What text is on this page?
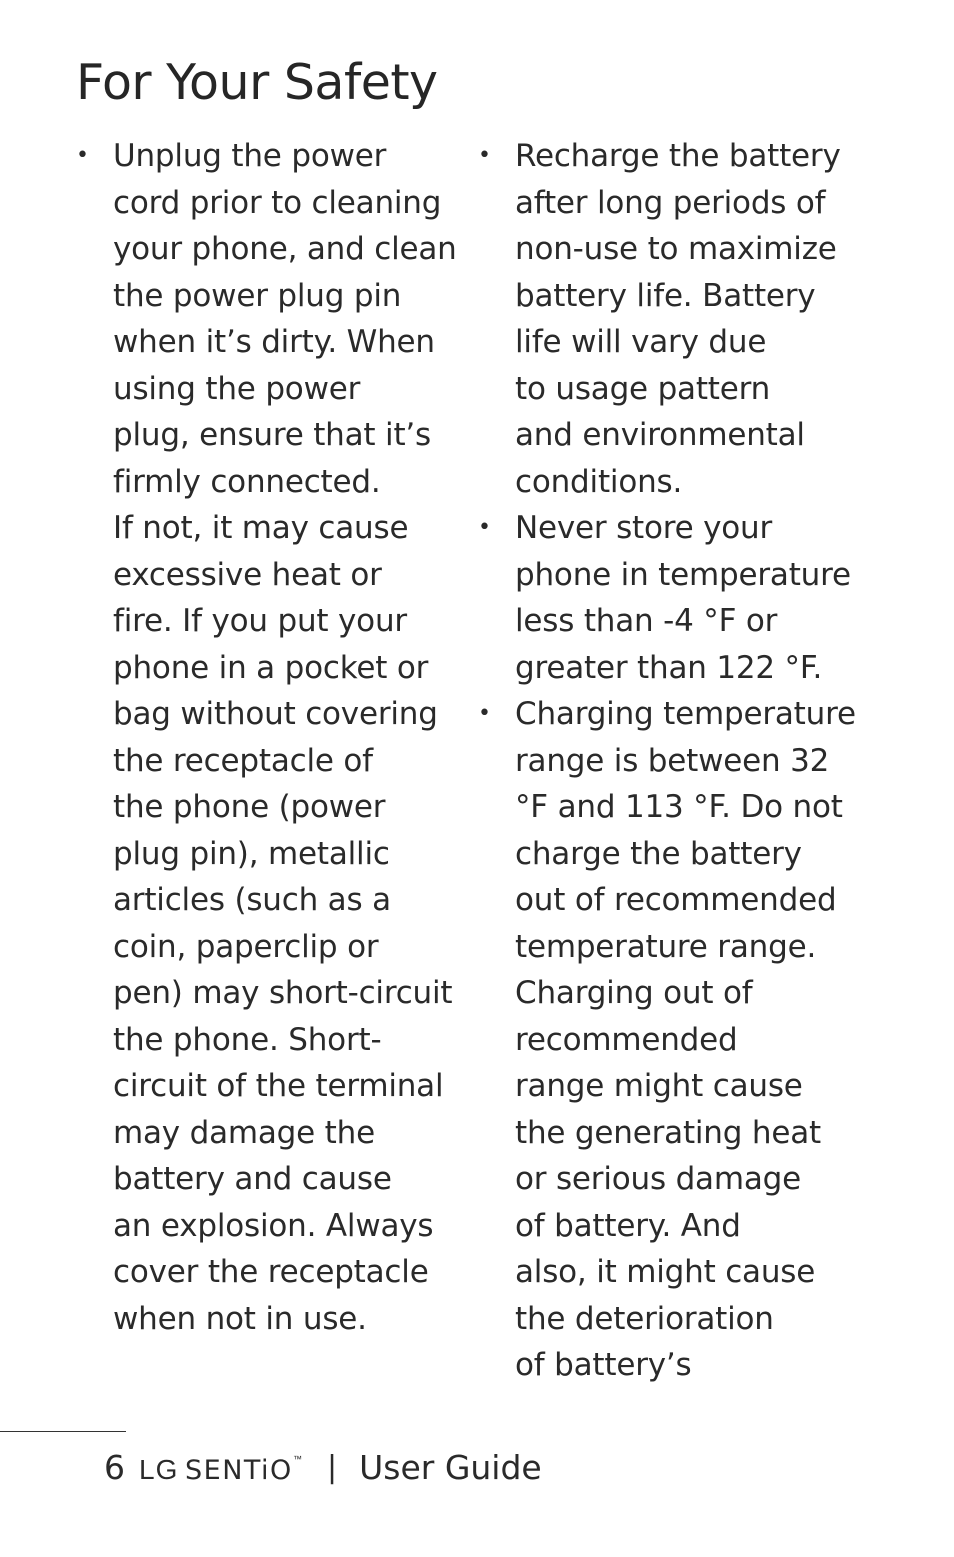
For Your Safety
• Unplug the power
cord prior to cleaning
your phone, and clean
the power plug pin
when it’s dirty. When
using the power
plug, ensure that it’s
firmly connected.
If not, it may cause
excessive heat or
fire. If you put your
phone in a pocket or
bag without covering
the receptacle of
the phone (power
plug pin), metallic
articles (such as a
coin, paperclip or
pen) may short-circuit
the phone. Short-
circuit of the terminal
may damage the
battery and cause
an explosion. Always
cover the receptacle
when not in use.
• Recharge the battery
after long periods of
non-use to maximize
battery life. Battery
life will vary due
to usage pattern
and environmental
conditions.
• Never store your
phone in temperature
less than -4 °F or
greater than 122 °F.
• Charging temperature
range is between 32
°F and 113 °F. Do not
charge the battery
out of recommended
temperature range.
Charging out of
recommended
range might cause
the generating heat
or serious damage
of battery. And
also, it might cause
the deterioration
of battery’s
6 LG SENTiO ™ | User Guide
